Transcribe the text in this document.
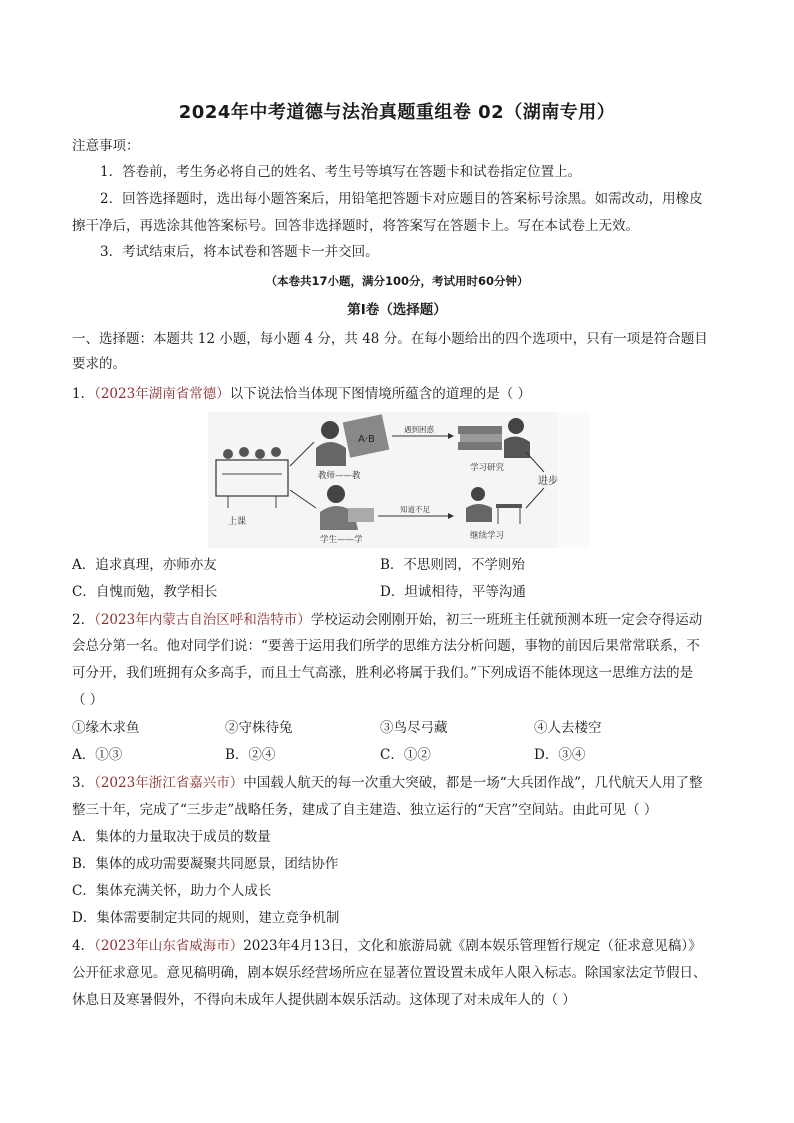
2024年中考道德与法治真题重组卷 02（湖南专用）
注意事项：
1．答卷前，考生务必将自己的姓名、考生号等填写在答题卡和试卷指定位置上。
2．回答选择题时，选出每小题答案后，用铅笔把答题卡对应题目的答案标号涂黑。如需改动，用橡皮
擦干净后，再选涂其他答案标号。回答非选择题时，将答案写在答题卡上。写在本试卷上无效。
3．考试结束后，将本试卷和答题卡一并交回。
（本卷共17小题，满分100分，考试用时60分钟）
第Ⅰ卷（选择题）
一、选择题：本题共 12 小题，每小题 4 分，共 48 分。在每小题给出的四个选项中，只有一项是符合题目
要求的。
1．（2023年湖南省常德）以下说法恰当体现下图情境所蕴含的道理的是（ ）
上课
A·B
教师——教
学生——学
遇到困惑
知道不足
学习研究
继续学习
进步
A．追求真理，亦师亦友	B．不思则罔，不学则殆
C．自愧而勉，教学相长	D．坦诚相待，平等沟通
2．（2023年内蒙古自治区呼和浩特市）学校运动会刚刚开始，初三一班班主任就预测本班一定会夺得运动
会总分第一名。他对同学们说：“要善于运用我们所学的思维方法分析问题，事物的前因后果常常联系，不
可分开，我们班拥有众多高手，而且士气高涨，胜利必将属于我们。”下列成语不能体现这一思维方法的是
（ ）
①缘木求鱼	②守株待兔	③鸟尽弓藏	④人去楼空
A．①③	B．②④	C．①②	D．③④
3．（2023年浙江省嘉兴市）中国载人航天的每一次重大突破，都是一场“大兵团作战”，几代航天人用了整
整三十年，完成了“三步走”战略任务，建成了自主建造、独立运行的“天宫”空间站。由此可见（ ）
A．集体的力量取决于成员的数量
B．集体的成功需要凝聚共同愿景，团结协作
C．集体充满关怀，助力个人成长
D．集体需要制定共同的规则，建立竞争机制
4．（2023年山东省威海市）2023年4月13日，文化和旅游局就《剧本娱乐管理暂行规定（征求意见稿）》
公开征求意见。意见稿明确，剧本娱乐经营场所应在显著位置设置未成年人限入标志。除国家法定节假日、
休息日及寒暑假外，不得向未成年人提供剧本娱乐活动。这体现了对未成年人的（ ）
